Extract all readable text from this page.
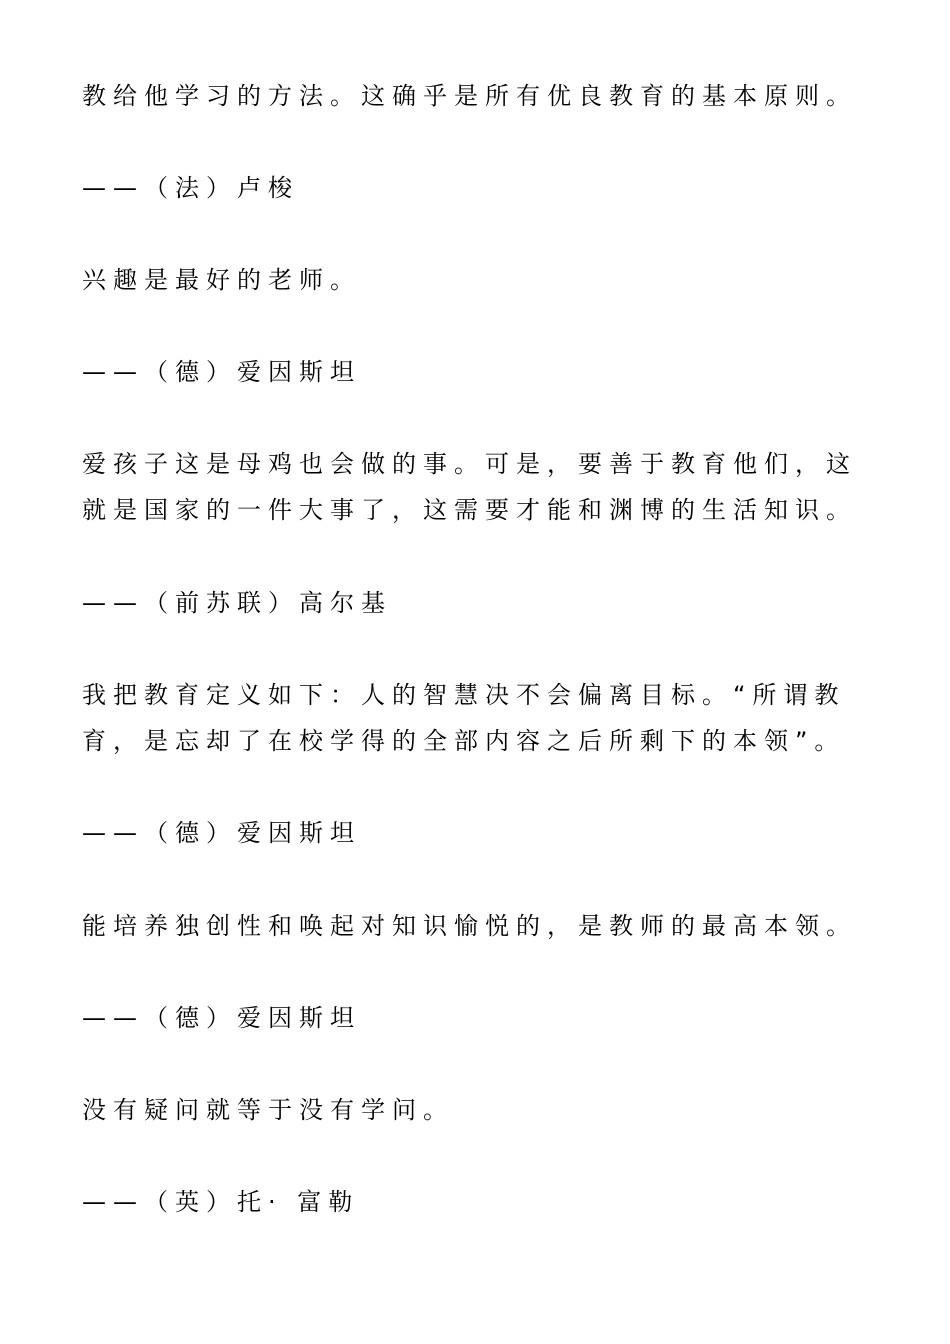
教给他学习的方法。这确乎是所有优良教育的基本原则。
——（法）卢梭
兴趣是最好的老师。
——（德）爱因斯坦
爱孩子这是母鸡也会做的事。可是，要善于教育他们，这
就是国家的一件大事了，这需要才能和渊博的生活知识。
——（前苏联）高尔基
我把教育定义如下：人的智慧决不会偏离目标。“所谓教
育，是忘却了在校学得的全部内容之后所剩下的本领”。
——（德）爱因斯坦
能培养独创性和唤起对知识愉悦的，是教师的最高本领。
——（德）爱因斯坦
没有疑问就等于没有学问。
——（英）托· 富勒
